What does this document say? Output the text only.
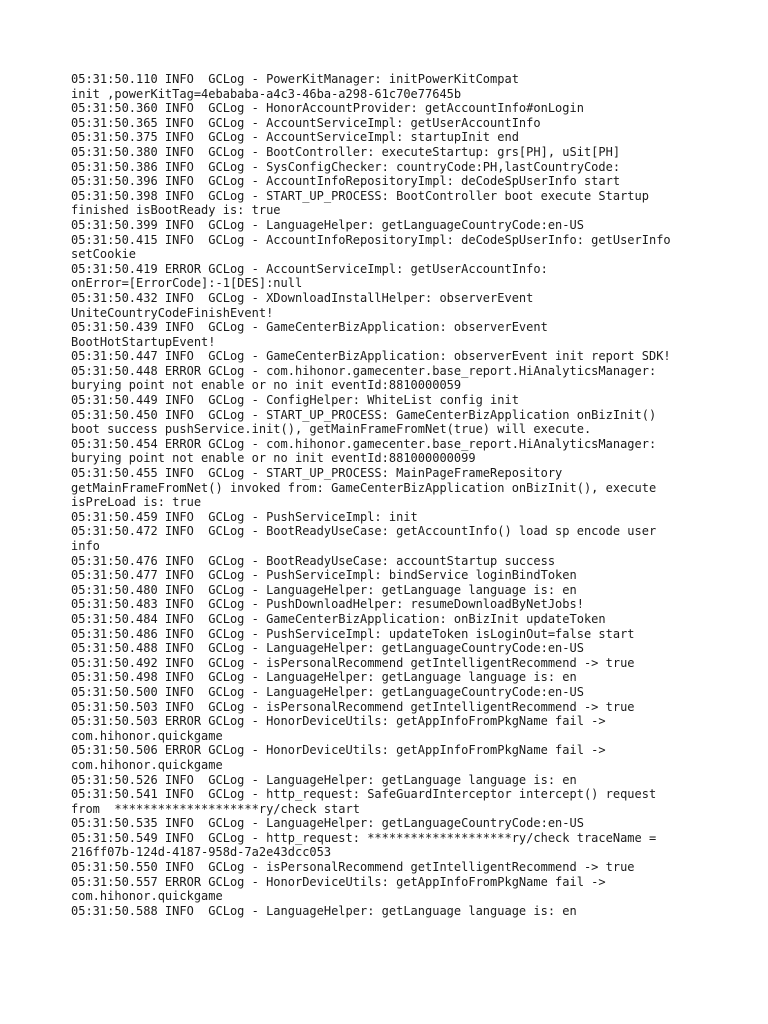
05:31:50.110 INFO  GCLog - PowerKitManager: initPowerKitCompat
init ,powerKitTag=4ebababa-a4c3-46ba-a298-61c70e77645b
05:31:50.360 INFO  GCLog - HonorAccountProvider: getAccountInfo#onLogin
05:31:50.365 INFO  GCLog - AccountServiceImpl: getUserAccountInfo
05:31:50.375 INFO  GCLog - AccountServiceImpl: startupInit end
05:31:50.380 INFO  GCLog - BootController: executeStartup: grs[PH], uSit[PH]
05:31:50.386 INFO  GCLog - SysConfigChecker: countryCode:PH,lastCountryCode:
05:31:50.396 INFO  GCLog - AccountInfoRepositoryImpl: deCodeSpUserInfo start
05:31:50.398 INFO  GCLog - START_UP_PROCESS: BootController boot execute Startup
finished isBootReady is: true
05:31:50.399 INFO  GCLog - LanguageHelper: getLanguageCountryCode:en-US
05:31:50.415 INFO  GCLog - AccountInfoRepositoryImpl: deCodeSpUserInfo: getUserInfo
setCookie
05:31:50.419 ERROR GCLog - AccountServiceImpl: getUserAccountInfo:
onError=[ErrorCode]:-1[DES]:null
05:31:50.432 INFO  GCLog - XDownloadInstallHelper: observerEvent
UniteCountryCodeFinishEvent!
05:31:50.439 INFO  GCLog - GameCenterBizApplication: observerEvent
BootHotStartupEvent!
05:31:50.447 INFO  GCLog - GameCenterBizApplication: observerEvent init report SDK!
05:31:50.448 ERROR GCLog - com.hihonor.gamecenter.base_report.HiAnalyticsManager:
burying point not enable or no init eventId:8810000059
05:31:50.449 INFO  GCLog - ConfigHelper: WhiteList config init
05:31:50.450 INFO  GCLog - START_UP_PROCESS: GameCenterBizApplication onBizInit()
boot success pushService.init(), getMainFrameFromNet(true) will execute.
05:31:50.454 ERROR GCLog - com.hihonor.gamecenter.base_report.HiAnalyticsManager:
burying point not enable or no init eventId:881000000099
05:31:50.455 INFO  GCLog - START_UP_PROCESS: MainPageFrameRepository
getMainFrameFromNet() invoked from: GameCenterBizApplication onBizInit(), execute
isPreLoad is: true
05:31:50.459 INFO  GCLog - PushServiceImpl: init
05:31:50.472 INFO  GCLog - BootReadyUseCase: getAccountInfo() load sp encode user
info
05:31:50.476 INFO  GCLog - BootReadyUseCase: accountStartup success
05:31:50.477 INFO  GCLog - PushServiceImpl: bindService loginBindToken
05:31:50.480 INFO  GCLog - LanguageHelper: getLanguage language is: en
05:31:50.483 INFO  GCLog - PushDownloadHelper: resumeDownloadByNetJobs!
05:31:50.484 INFO  GCLog - GameCenterBizApplication: onBizInit updateToken
05:31:50.486 INFO  GCLog - PushServiceImpl: updateToken isLoginOut=false start
05:31:50.488 INFO  GCLog - LanguageHelper: getLanguageCountryCode:en-US
05:31:50.492 INFO  GCLog - isPersonalRecommend getIntelligentRecommend -> true
05:31:50.498 INFO  GCLog - LanguageHelper: getLanguage language is: en
05:31:50.500 INFO  GCLog - LanguageHelper: getLanguageCountryCode:en-US
05:31:50.503 INFO  GCLog - isPersonalRecommend getIntelligentRecommend -> true
05:31:50.503 ERROR GCLog - HonorDeviceUtils: getAppInfoFromPkgName fail ->
com.hihonor.quickgame
05:31:50.506 ERROR GCLog - HonorDeviceUtils: getAppInfoFromPkgName fail ->
com.hihonor.quickgame
05:31:50.526 INFO  GCLog - LanguageHelper: getLanguage language is: en
05:31:50.541 INFO  GCLog - http_request: SafeGuardInterceptor intercept() request
from  ********************ry/check start
05:31:50.535 INFO  GCLog - LanguageHelper: getLanguageCountryCode:en-US
05:31:50.549 INFO  GCLog - http_request: ********************ry/check traceName =
216ff07b-124d-4187-958d-7a2e43dcc053
05:31:50.550 INFO  GCLog - isPersonalRecommend getIntelligentRecommend -> true
05:31:50.557 ERROR GCLog - HonorDeviceUtils: getAppInfoFromPkgName fail ->
com.hihonor.quickgame
05:31:50.588 INFO  GCLog - LanguageHelper: getLanguage language is: en
